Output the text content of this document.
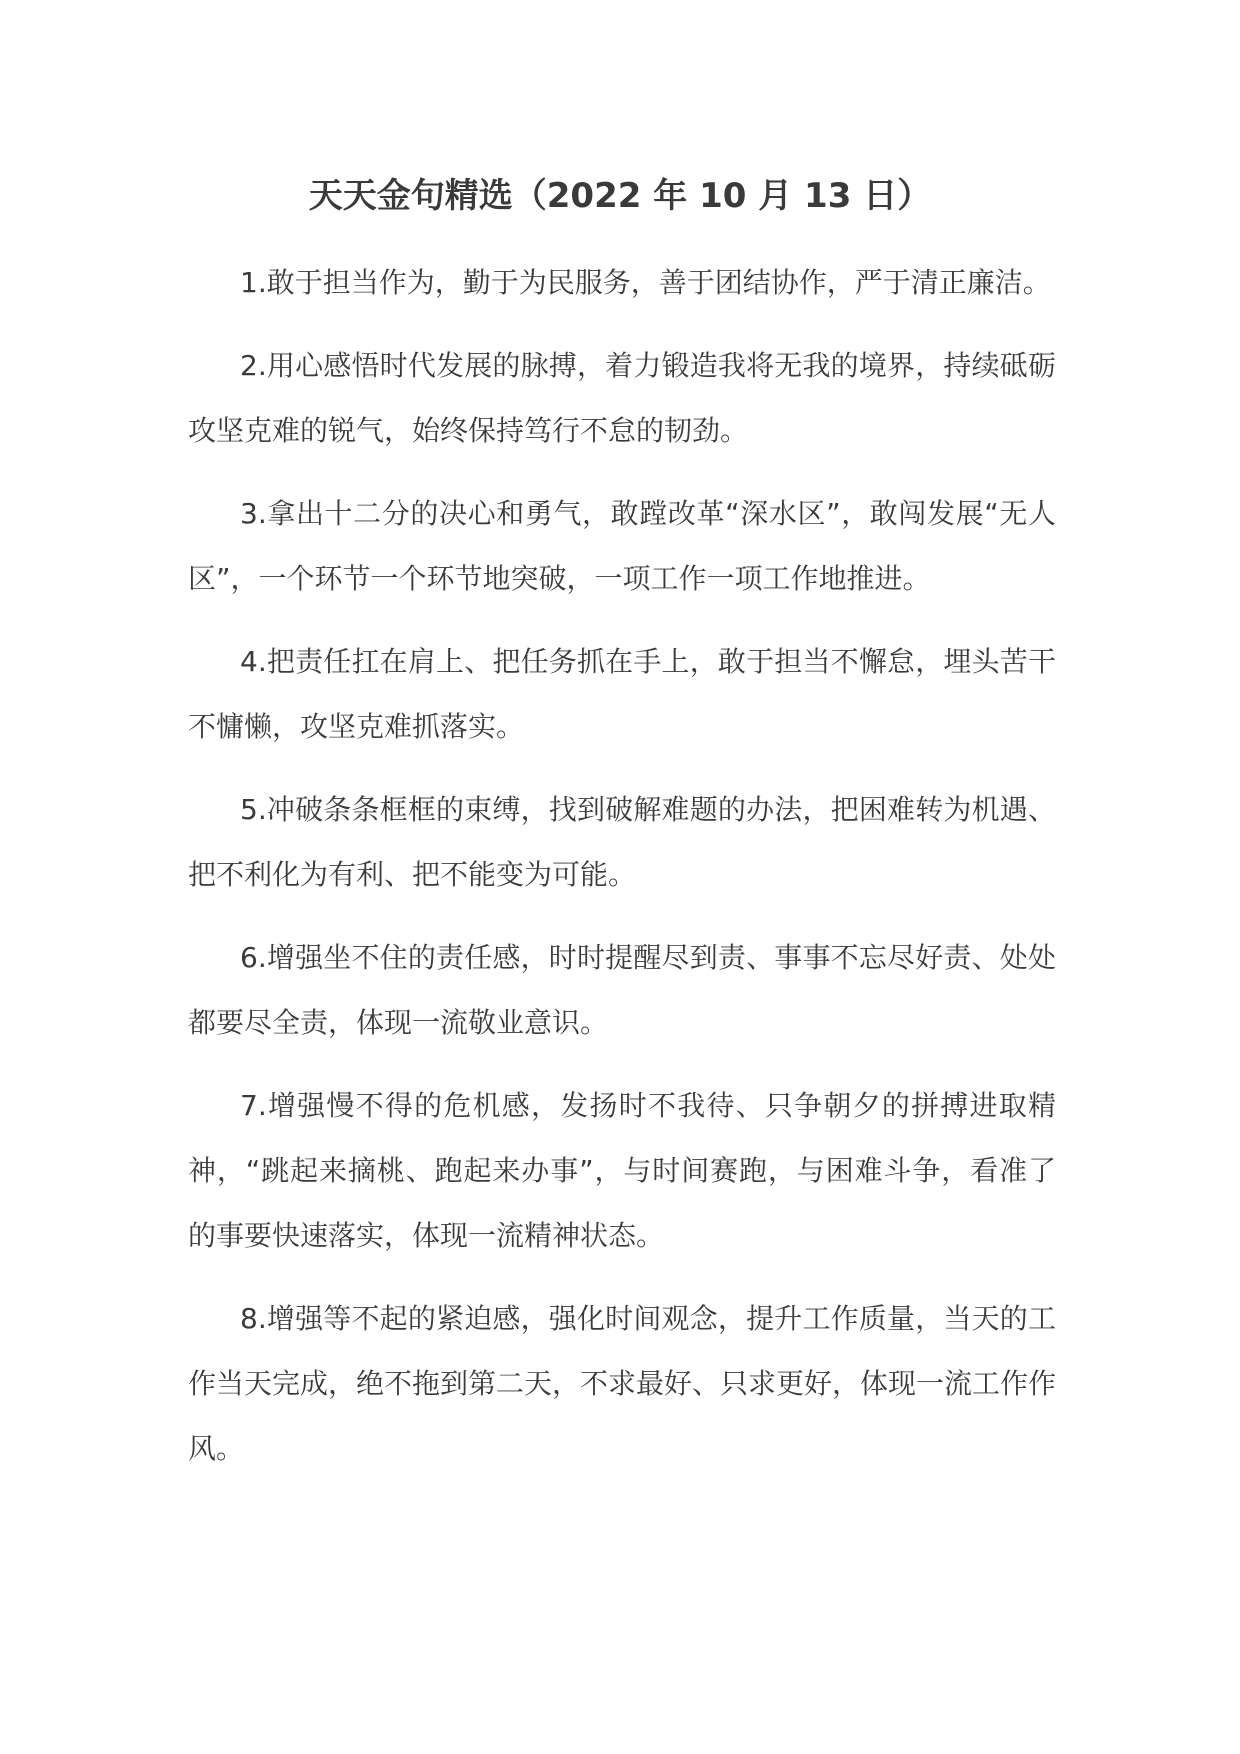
天天金句精选（2022 年 10 月 13 日）

1.敢于担当作为，勤于为民服务，善于团结协作，严于清正廉洁。

2.用心感悟时代发展的脉搏，着力锻造我将无我的境界，持续砥砺攻坚克难的锐气，始终保持笃行不怠的韧劲。

3.拿出十二分的决心和勇气，敢蹚改革“深水区”，敢闯发展“无人区”，一个环节一个环节地突破，一项工作一项工作地推进。

4.把责任扛在肩上、把任务抓在手上，敢于担当不懈怠，埋头苦干不慵懒，攻坚克难抓落实。

5.冲破条条框框的束缚，找到破解难题的办法，把困难转为机遇、把不利化为有利、把不能变为可能。

6.增强坐不住的责任感，时时提醒尽到责、事事不忘尽好责、处处都要尽全责，体现一流敬业意识。

7.增强慢不得的危机感，发扬时不我待、只争朝夕的拼搏进取精神，“跳起来摘桃、跑起来办事”，与时间赛跑，与困难斗争，看准了的事要快速落实，体现一流精神状态。

8.增强等不起的紧迫感，强化时间观念，提升工作质量，当天的工作当天完成，绝不拖到第二天，不求最好、只求更好，体现一流工作作风。
